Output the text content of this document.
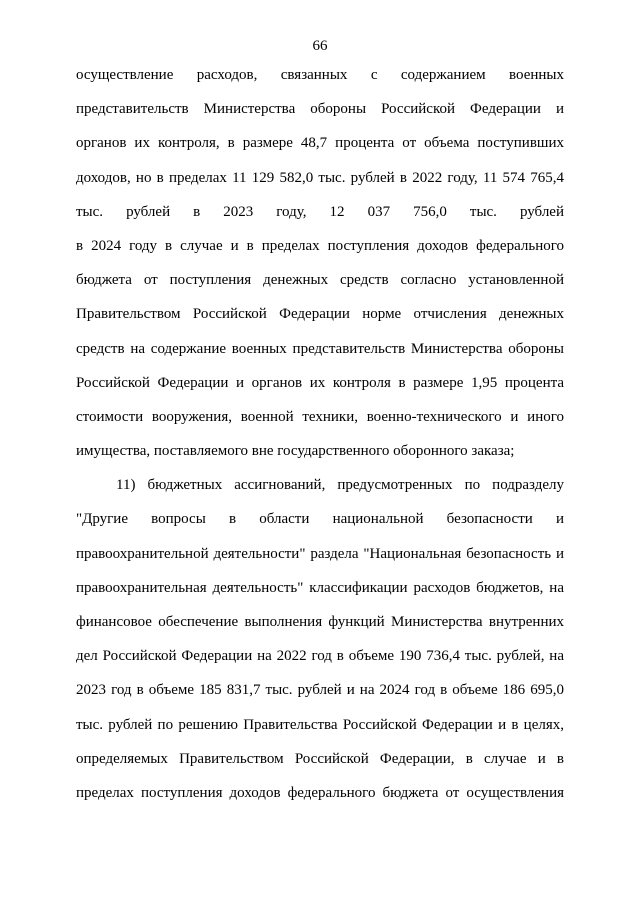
66
осуществление расходов, связанных с содержанием военных
представительств Министерства обороны Российской Федерации и
органов их контроля, в размере 48,7 процента от объема поступивших
доходов, но в пределах 11 129 582,0 тыс. рублей в 2022 году, 11 574 765,4
тыс. рублей в 2023 году, 12 037 756,0 тыс. рублей
в 2024 году в случае и в пределах поступления доходов федерального
бюджета от поступления денежных средств согласно установленной
Правительством Российской Федерации норме отчисления денежных
средств на содержание военных представительств Министерства обороны
Российской Федерации и органов их контроля в размере 1,95 процента
стоимости вооружения, военной техники, военно-технического и иного
имущества, поставляемого вне государственного оборонного заказа;
11) бюджетных ассигнований, предусмотренных по подразделу
"Другие вопросы в области национальной безопасности и
правоохранительной деятельности" раздела "Национальная безопасность и
правоохранительная деятельность" классификации расходов бюджетов, на
финансовое обеспечение выполнения функций Министерства внутренних
дел Российской Федерации на 2022 год в объеме 190 736,4 тыс. рублей, на
2023 год в объеме 185 831,7 тыс. рублей и на 2024 год в объеме 186 695,0
тыс. рублей по решению Правительства Российской Федерации и в целях,
определяемых Правительством Российской Федерации, в случае и в
пределах поступления доходов федерального бюджета от осуществления
